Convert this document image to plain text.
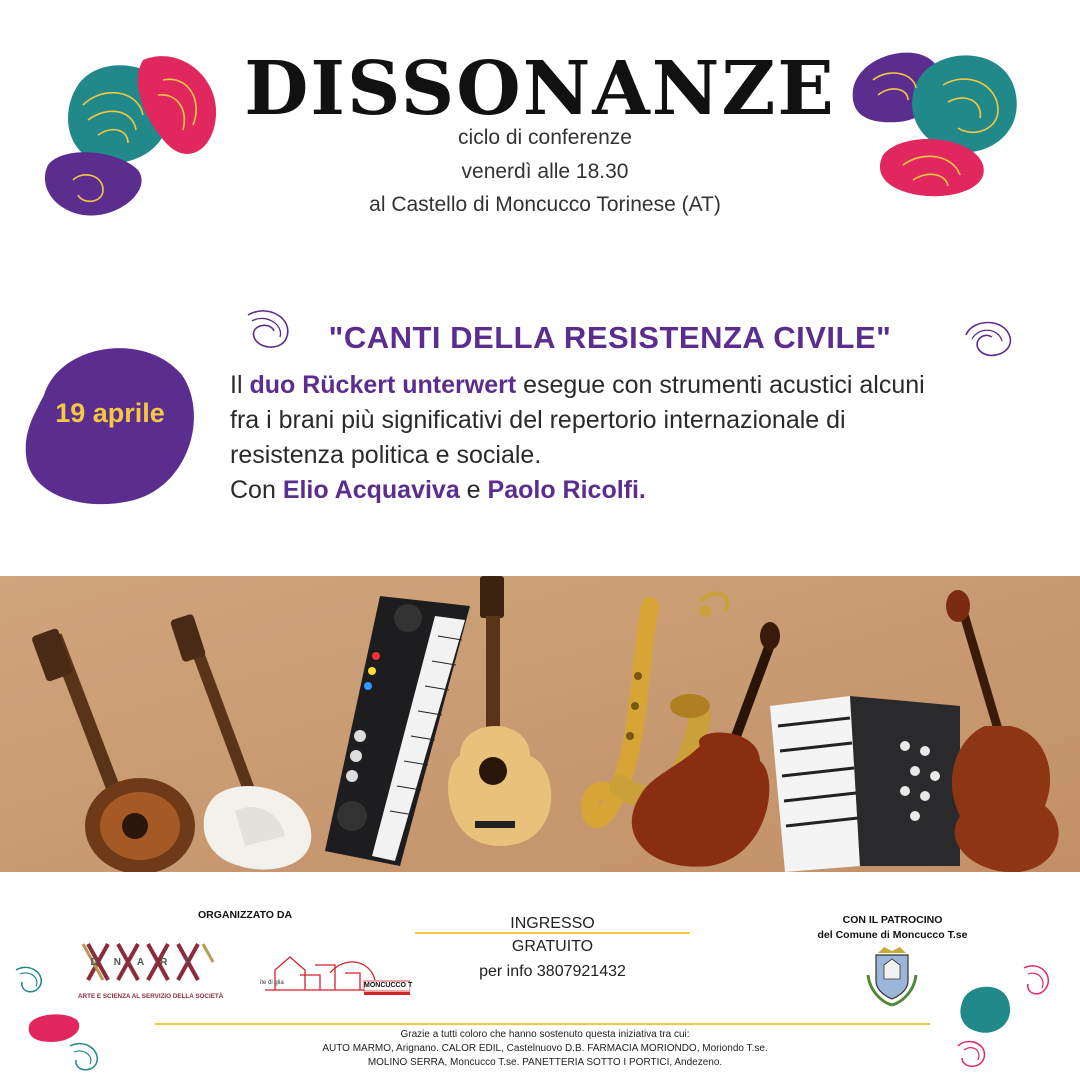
DISSONANZE
ciclo di conferenze
venerdì alle 18.30
al Castello di Moncucco Torinese (AT)
"CANTI DELLA RESISTENZA CIVILE"
19 aprile
Il duo Rückert unterwert esegue con strumenti acustici alcuni
fra i brani più significativi del repertorio internazionale di
resistenza politica e sociale.
Con Elio Acquaviva e Paolo Ricolfi.
ORGANIZZATO DA
DNART
ARTE E SCIENZA AL SERVIZIO DELLA SOCIETÀ
MONCUCCO T
ite di glia
INGRESSO
GRATUITO
per info 3807921432
CON IL PATROCINO
del Comune di Moncucco T.se
Grazie a tutti coloro che hanno sostenuto questa iniziativa tra cui:
AUTO MARMO, Arignano. CALOR EDIL, Castelnuovo D.B. FARMACIA MORIONDO, Moriondo T.se.
MOLINO SERRA, Moncucco T.se. PANETTERIA SOTTO I PORTICI, Andezeno.
